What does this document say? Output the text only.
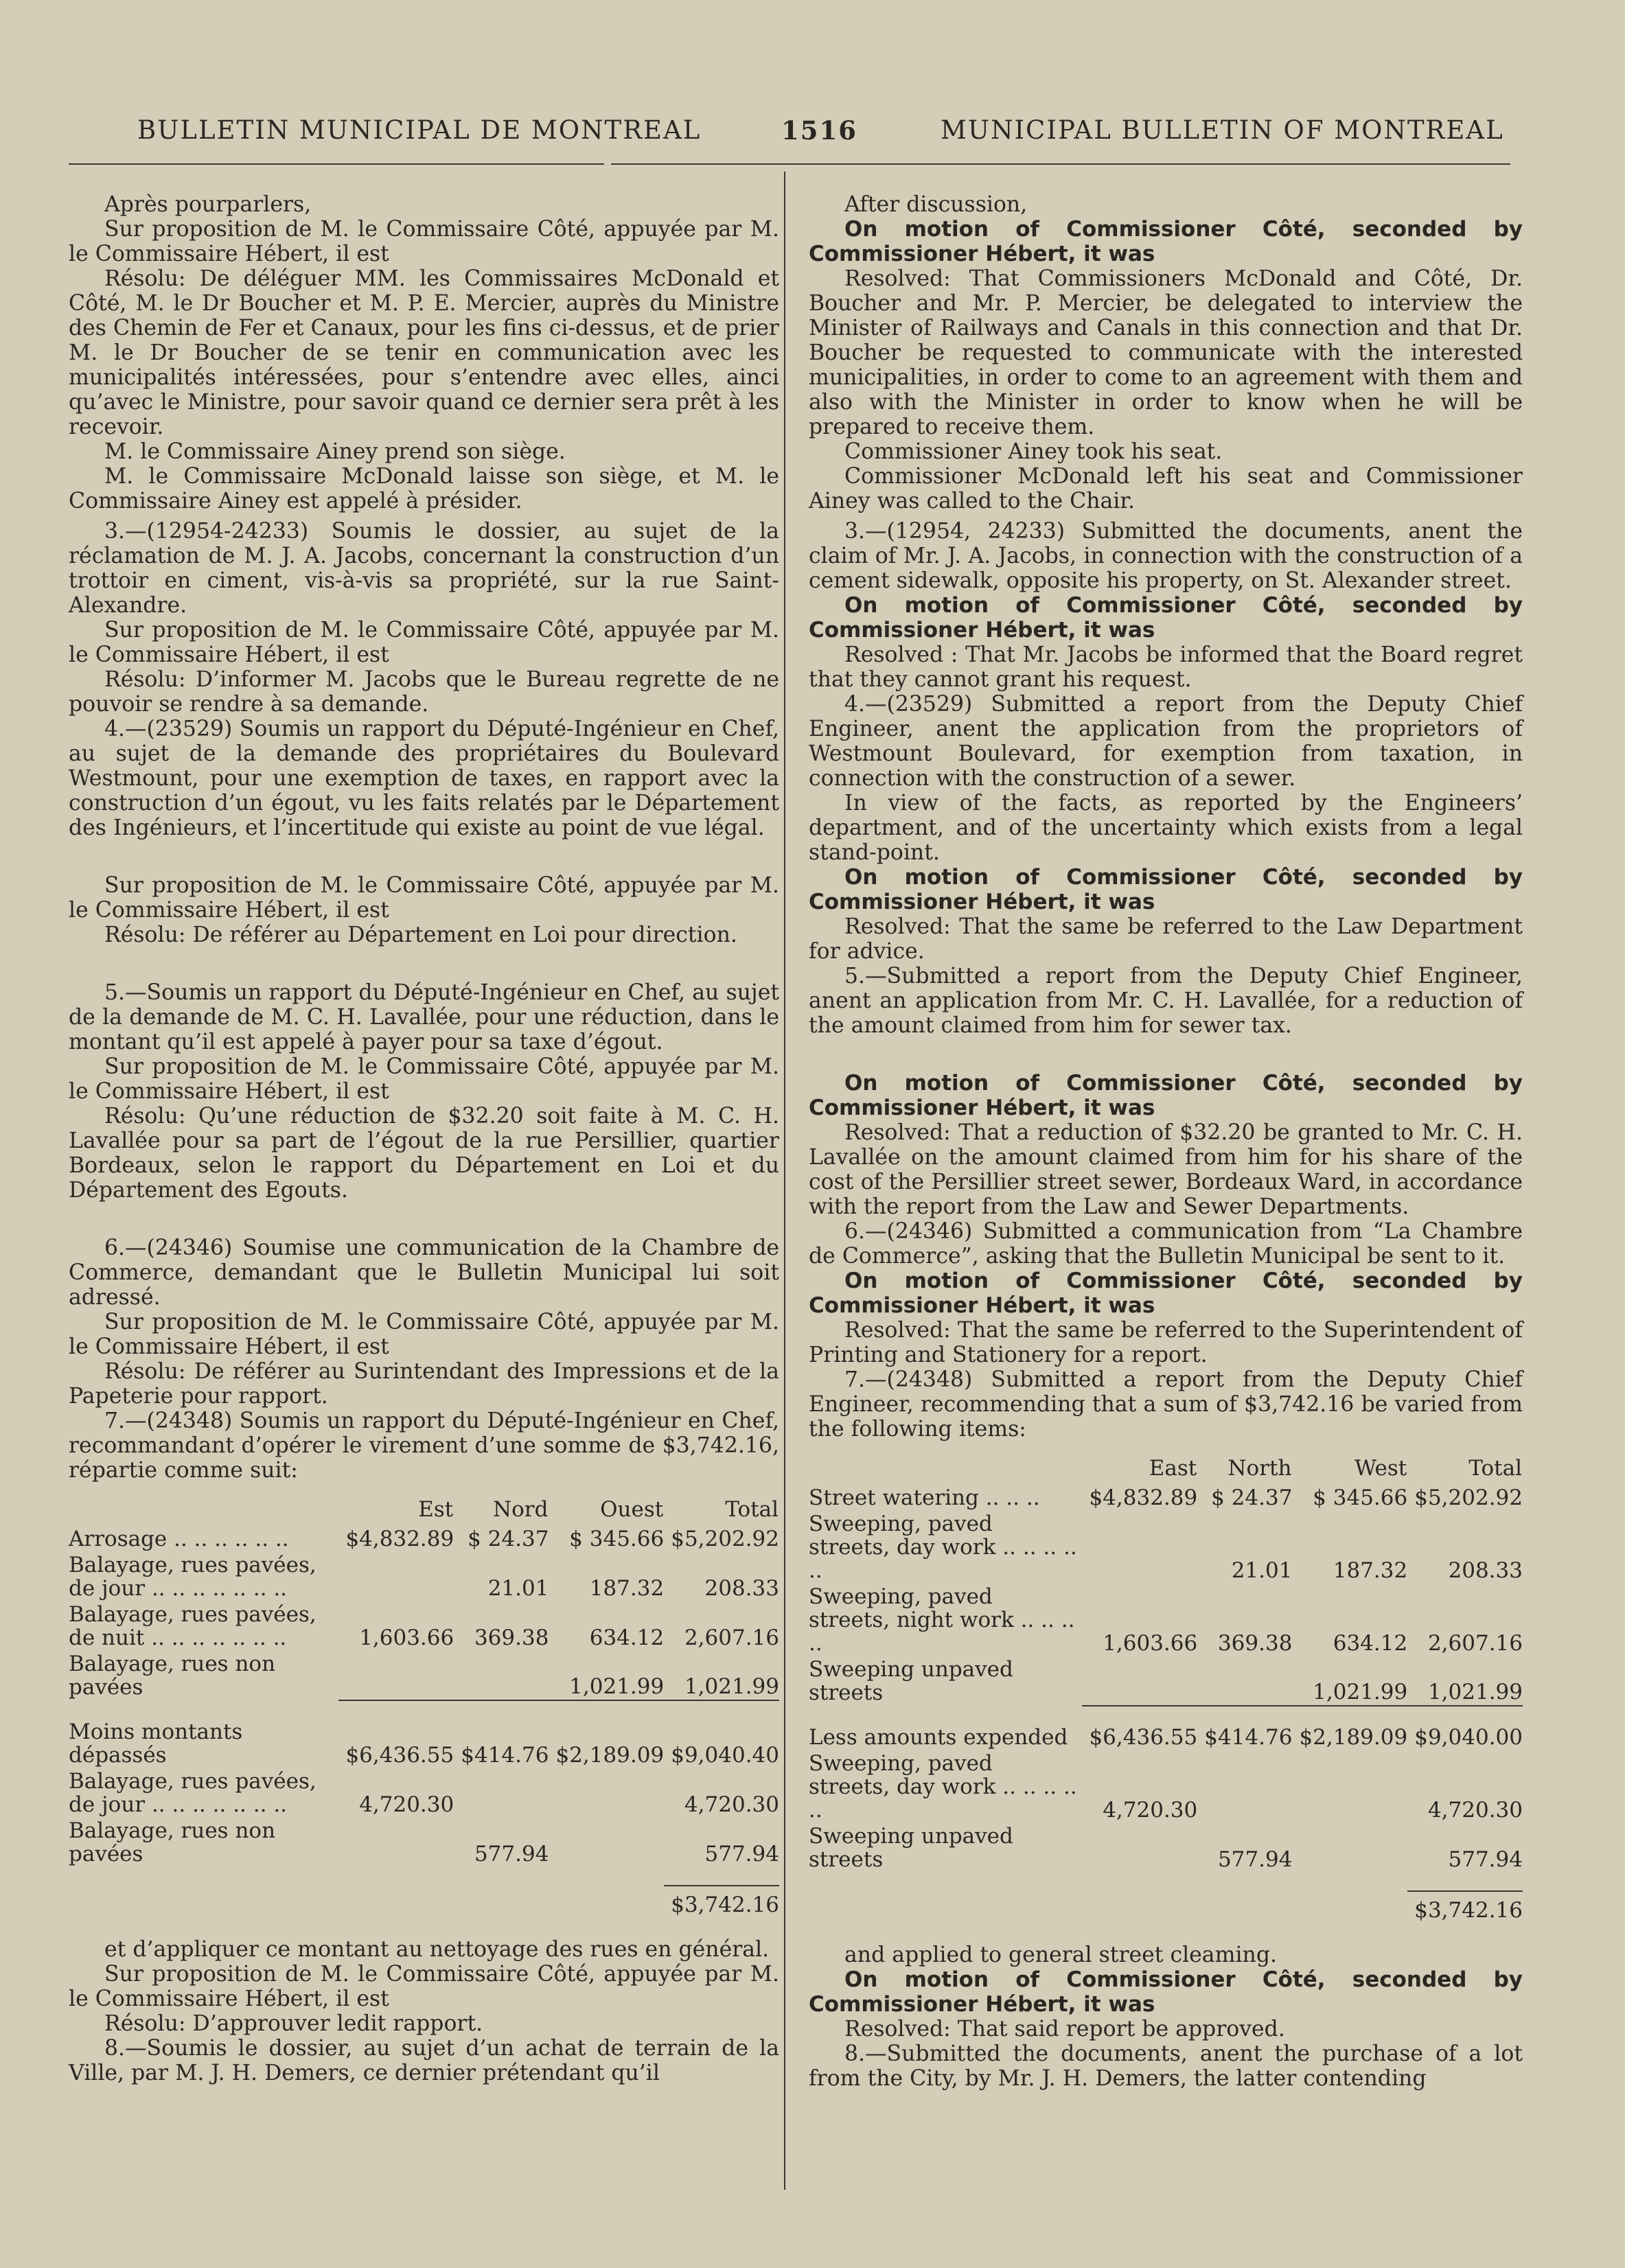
BULLETIN MUNICIPAL DE MONTREAL	1516	MUNICIPAL BULLETIN OF MONTREAL

Après pourparlers,

Sur proposition de M. le Commissaire Côté, appuyée par M. le Commissaire Hébert, il est

Résolu: De déléguer MM. les Commissaires McDonald et Côté, M. le Dr Boucher et M. P. E. Mercier, auprès du Ministre des Chemin de Fer et Canaux, pour les fins ci-dessus, et de prier M. le Dr Boucher de se tenir en communication avec les municipalités intéressées, pour s’entendre avec elles, ainci qu’avec le Ministre, pour savoir quand ce dernier sera prêt à les recevoir.

M. le Commissaire Ainey prend son siège.

M. le Commissaire McDonald laisse son siège, et M. le Commissaire Ainey est appelé à présider.

3.—(12954-24233) Soumis le dossier, au sujet de la réclamation de M. J. A. Jacobs, concernant la construction d’un trottoir en ciment, vis-à-vis sa propriété, sur la rue Saint-Alexandre.

Sur proposition de M. le Commissaire Côté, appuyée par M. le Commissaire Hébert, il est

Résolu: D’informer M. Jacobs que le Bureau regrette de ne pouvoir se rendre à sa demande.

4.—(23529) Soumis un rapport du Député-Ingénieur en Chef, au sujet de la demande des propriétaires du Boulevard Westmount, pour une exemption de taxes, en rapport avec la construction d’un égout, vu les faits relatés par le Département des Ingénieurs, et l’incertitude qui existe au point de vue légal.

Sur proposition de M. le Commissaire Côté, appuyée par M. le Commissaire Hébert, il est

Résolu: De référer au Département en Loi pour direction.

5.—Soumis un rapport du Député-Ingénieur en Chef, au sujet de la demande de M. C. H. Lavallée, pour une réduction, dans le montant qu’il est appelé à payer pour sa taxe d’égout.

Sur proposition de M. le Commissaire Côté, appuyée par M. le Commissaire Hébert, il est

Résolu: Qu’une réduction de $32.20 soit faite à M. C. H. Lavallée pour sa part de l’égout de la rue Persillier, quartier Bordeaux, selon le rapport du Département en Loi et du Département des Egouts.

6.—(24346) Soumise une communication de la Chambre de Commerce, demandant que le Bulletin Municipal lui soit adressé.

Sur proposition de M. le Commissaire Côté, appuyée par M. le Commissaire Hébert, il est

Résolu: De référer au Surintendant des Impressions et de la Papeterie pour rapport.

7.—(24348) Soumis un rapport du Député-Ingénieur en Chef, recommandant d’opérer le virement d’une somme de $3,742.16, répartie comme suit:

	Est	Nord	Ouest	Total
Arrosage .. .. .. .. .. ..	$4,832.89	$ 24.37	$ 345.66	$5,202.92
Balayage, rues pavées, de jour .. .. .. .. .. .. ..		21.01	187.32	208.33
Balayage, rues pavées, de nuit .. .. .. .. .. .. ..	1,603.66	369.38	634.12	2,607.16
Balayage, rues non pavées			1,021.99	1,021.99

Moins montants dépassés	$6,436.55	$414.76	$2,189.09	$9,040.40
Balayage, rues pavées, de jour .. .. .. .. .. .. ..	4,720.30			4,720.30
Balayage, rues non pavées		577.94		577.94

				$3,742.16

et d’appliquer ce montant au nettoyage des rues en général.

Sur proposition de M. le Commissaire Côté, appuyée par M. le Commissaire Hébert, il est

Résolu: D’approuver ledit rapport.

8.—Soumis le dossier, au sujet d’un achat de terrain de la Ville, par M. J. H. Demers, ce dernier prétendant qu’il

After discussion,

On motion of Commissioner Côté, seconded by Commissioner Hébert, it was

Resolved: That Commissioners McDonald and Côté, Dr. Boucher and Mr. P. Mercier, be delegated to interview the Minister of Railways and Canals in this connection and that Dr. Boucher be requested to communicate with the interested municipalities, in order to come to an agreement with them and also with the Minister in order to know when he will be prepared to receive them.

Commissioner Ainey took his seat.

Commissioner McDonald left his seat and Commissioner Ainey was called to the Chair.

3.—(12954, 24233) Submitted the documents, anent the claim of Mr. J. A. Jacobs, in connection with the construction of a cement sidewalk, opposite his property, on St. Alexander street.

On motion of Commissioner Côté, seconded by Commissioner Hébert, it was

Resolved : That Mr. Jacobs be informed that the Board regret that they cannot grant his request.

4.—(23529) Submitted a report from the Deputy Chief Engineer, anent the application from the proprietors of Westmount Boulevard, for exemption from taxation, in connection with the construction of a sewer.

In view of the facts, as reported by the Engineers’ department, and of the uncertainty which exists from a legal stand-point.

On motion of Commissioner Côté, seconded by Commissioner Hébert, it was

Resolved: That the same be referred to the Law Department for advice.

5.—Submitted a report from the Deputy Chief Engineer, anent an application from Mr. C. H. Lavallée, for a reduction of the amount claimed from him for sewer tax.

On motion of Commissioner Côté, seconded by Commissioner Hébert, it was

Resolved: That a reduction of $32.20 be granted to Mr. C. H. Lavallée on the amount claimed from him for his share of the cost of the Persillier street sewer, Bordeaux Ward, in accordance with the report from the Law and Sewer Departments.

6.—(24346) Submitted a communication from “La Chambre de Commerce”, asking that the Bulletin Municipal be sent to it.

On motion of Commissioner Côté, seconded by Commissioner Hébert, it was

Resolved: That the same be referred to the Superintendent of Printing and Stationery for a report.

7.—(24348) Submitted a report from the Deputy Chief Engineer, recommending that a sum of $3,742.16 be varied from the following items:

	East	North	West	Total
Street watering .. .. ..	$4,832.89	$ 24.37	$ 345.66	$5,202.92
Sweeping, paved streets, day work .. .. .. .. ..		21.01	187.32	208.33
Sweeping, paved streets, night work .. .. .. ..	1,603.66	369.38	634.12	2,607.16
Sweeping unpaved streets			1,021.99	1,021.99

Less amounts expended	$6,436.55	$414.76	$2,189.09	$9,040.00
Sweeping, paved streets, day work .. .. .. .. ..	4,720.30			4,720.30
Sweeping unpaved streets		577.94		577.94

				$3,742.16

and applied to general street cleaming.

On motion of Commissioner Côté, seconded by Commissioner Hébert, it was

Resolved: That said report be approved.

8.—Submitted the documents, anent the purchase of a lot from the City, by Mr. J. H. Demers, the latter contending
